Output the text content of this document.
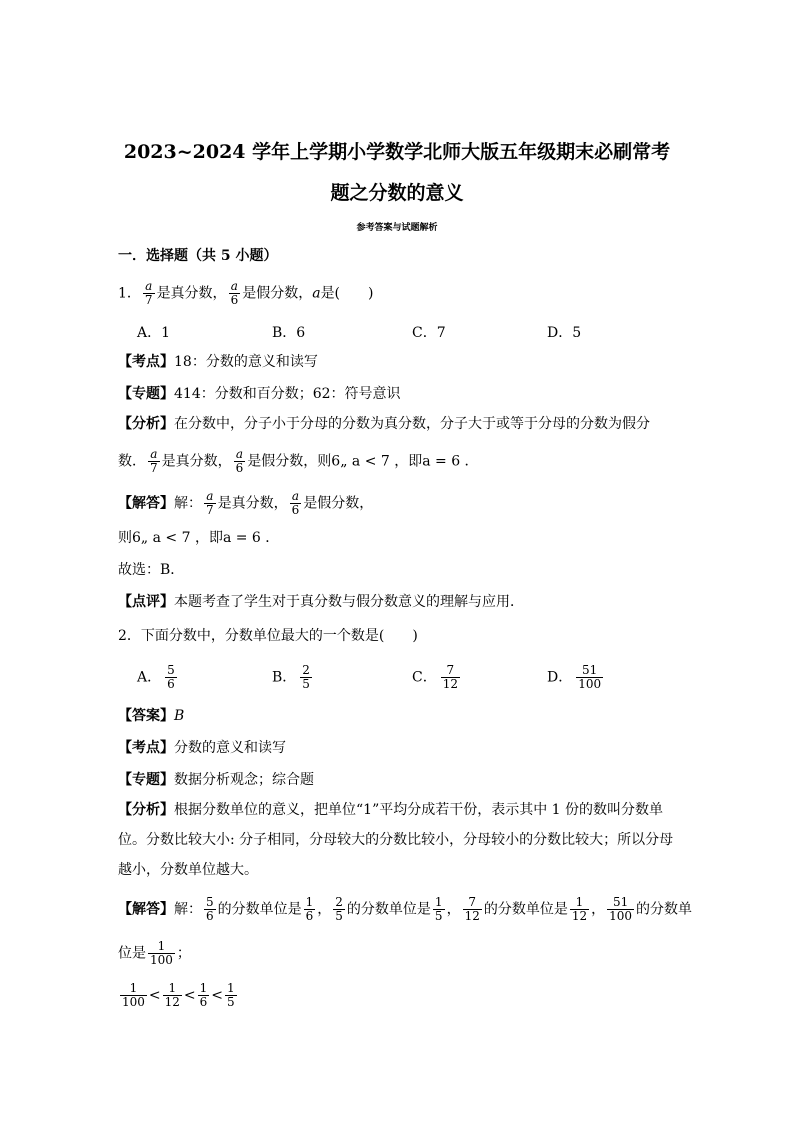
2023~2024 学年上学期小学数学北师大版五年级期末必刷常考
题之分数的意义
参考答案与试题解析
一．选择题（共 5 小题）
1． $\frac{a}{7}$ 是真分数， $\frac{a}{6}$ 是假分数，a是(　　)
A．1	B．6	C．7	D．5
【考点】18：分数的意义和读写
【专题】414：分数和百分数；62：符号意识
【分析】在分数中，分子小于分母的分数为真分数，分子大于或等于分母的分数为假分
数． $\frac{a}{7}$ 是真分数， $\frac{a}{6}$ 是假分数，则6„ a < 7 ，即a = 6 ．
【解答】解： $\frac{a}{7}$ 是真分数， $\frac{a}{6}$ 是假分数，
则6„ a < 7 ，即a = 6 ．
故选：B．
【点评】本题考查了学生对于真分数与假分数意义的理解与应用．
2．下面分数中，分数单位最大的一个数是(　　)
A． $\frac{5}{6}$	B． $\frac{2}{5}$	C． $\frac{7}{12}$	D． $\frac{51}{100}$
【答案】B
【考点】分数的意义和读写
【专题】数据分析观念；综合题
【分析】根据分数单位的意义，把单位“1”平均分成若干份，表示其中 1 份的数叫分数单
位。分数比较大小: 分子相同，分母较大的分数比较小，分母较小的分数比较大；所以分母
越小，分数单位越大。
【解答】解： $\frac{5}{6}$ 的分数单位是 $\frac{1}{6}$ ， $\frac{2}{5}$ 的分数单位是 $\frac{1}{5}$ ， $\frac{7}{12}$ 的分数单位是 $\frac{1}{12}$ ， $\frac{51}{100}$ 的分数单
位是 $\frac{1}{100}$ ；
$\frac{1}{100} < \frac{1}{12} < \frac{1}{6} < \frac{1}{5}$
